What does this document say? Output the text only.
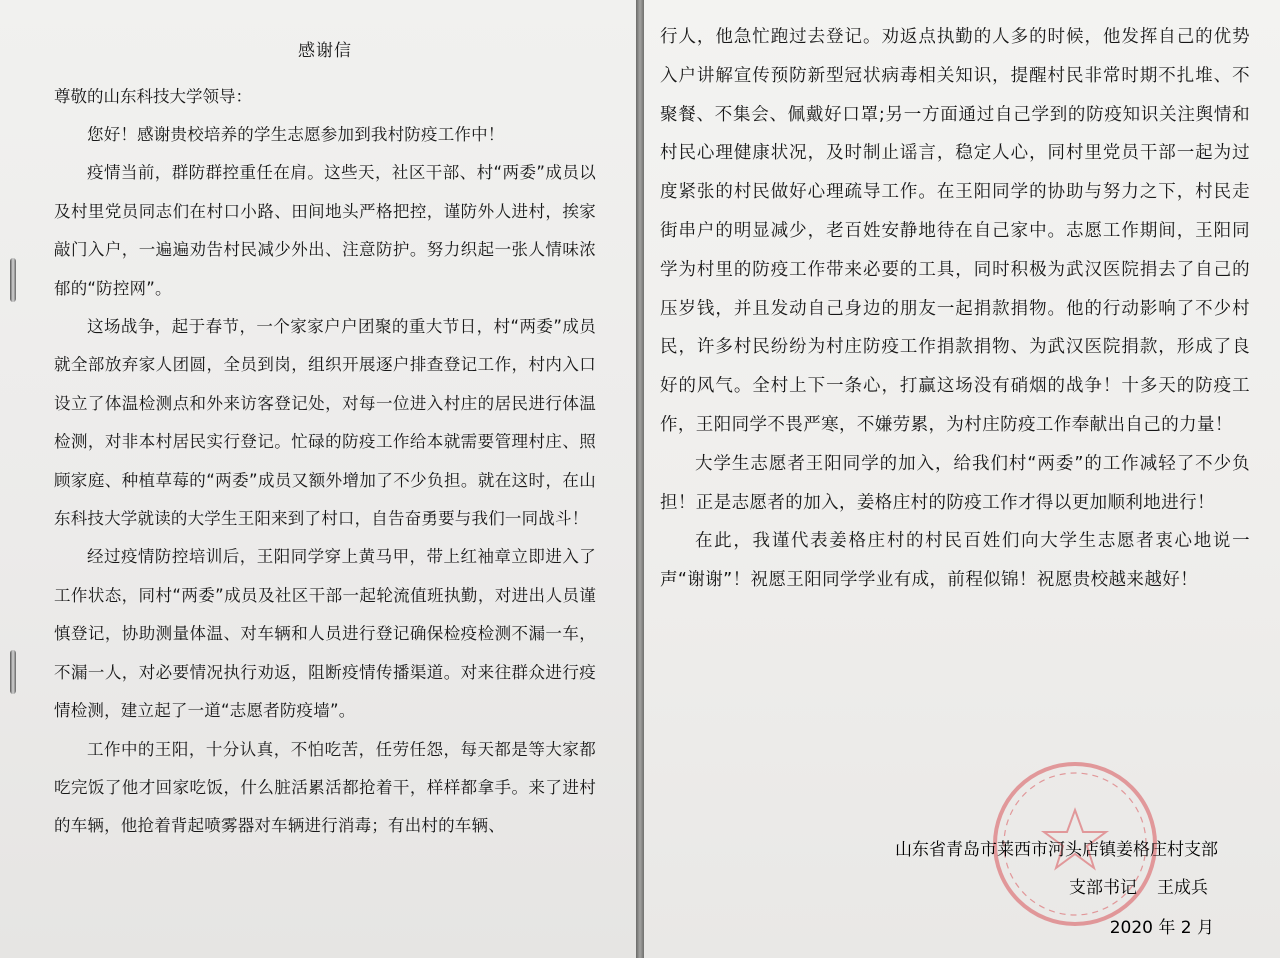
感谢信

尊敬的山东科技大学领导：

您好！感谢贵校培养的学生志愿参加到我村防疫工作中！

疫情当前，群防群控重任在肩。这些天，社区干部、村“两委”成员以及村里党员同志们在村口小路、田间地头严格把控，谨防外人进村，挨家敲门入户，一遍遍劝告村民减少外出、注意防护。努力织起一张人情味浓郁的“防控网”。

这场战争，起于春节，一个家家户户团聚的重大节日，村“两委”成员就全部放弃家人团圆，全员到岗，组织开展逐户排查登记工作，村内入口设立了体温检测点和外来访客登记处，对每一位进入村庄的居民进行体温检测，对非本村居民实行登记。忙碌的防疫工作给本就需要管理村庄、照顾家庭、种植草莓的“两委”成员又额外增加了不少负担。就在这时，在山东科技大学就读的大学生王阳来到了村口，自告奋勇要与我们一同战斗！

经过疫情防控培训后，王阳同学穿上黄马甲，带上红袖章立即进入了工作状态，同村“两委”成员及社区干部一起轮流值班执勤，对进出人员谨慎登记，协助测量体温、对车辆和人员进行登记确保检疫检测不漏一车，不漏一人，对必要情况执行劝返，阻断疫情传播渠道。对来往群众进行疫情检测，建立起了一道“志愿者防疫墙”。

工作中的王阳，十分认真，不怕吃苦，任劳任怨，每天都是等大家都吃完饭了他才回家吃饭，什么脏活累活都抢着干，样样都拿手。来了进村的车辆，他抢着背起喷雾器对车辆进行消毒；有出村的车辆、

行人，他急忙跑过去登记。劝返点执勤的人多的时候，他发挥自己的优势入户讲解宣传预防新型冠状病毒相关知识，提醒村民非常时期不扎堆、不聚餐、不集会、佩戴好口罩;另一方面通过自己学到的防疫知识关注舆情和村民心理健康状况，及时制止谣言，稳定人心，同村里党员干部一起为过度紧张的村民做好心理疏导工作。在王阳同学的协助与努力之下，村民走街串户的明显减少，老百姓安静地待在自己家中。志愿工作期间，王阳同学为村里的防疫工作带来必要的工具，同时积极为武汉医院捐去了自己的压岁钱，并且发动自己身边的朋友一起捐款捐物。他的行动影响了不少村民，许多村民纷纷为村庄防疫工作捐款捐物、为武汉医院捐款，形成了良好的风气。全村上下一条心，打赢这场没有硝烟的战争！十多天的防疫工作，王阳同学不畏严寒，不嫌劳累，为村庄防疫工作奉献出自己的力量！

大学生志愿者王阳同学的加入，给我们村“两委”的工作减轻了不少负担！正是志愿者的加入，姜格庄村的防疫工作才得以更加顺利地进行！

在此，我谨代表姜格庄村的村民百姓们向大学生志愿者衷心地说一声“谢谢”！祝愿王阳同学学业有成，前程似锦！祝愿贵校越来越好！

山东省青岛市莱西市河头店镇姜格庄村支部
支部书记 王成兵
2020 年 2 月
